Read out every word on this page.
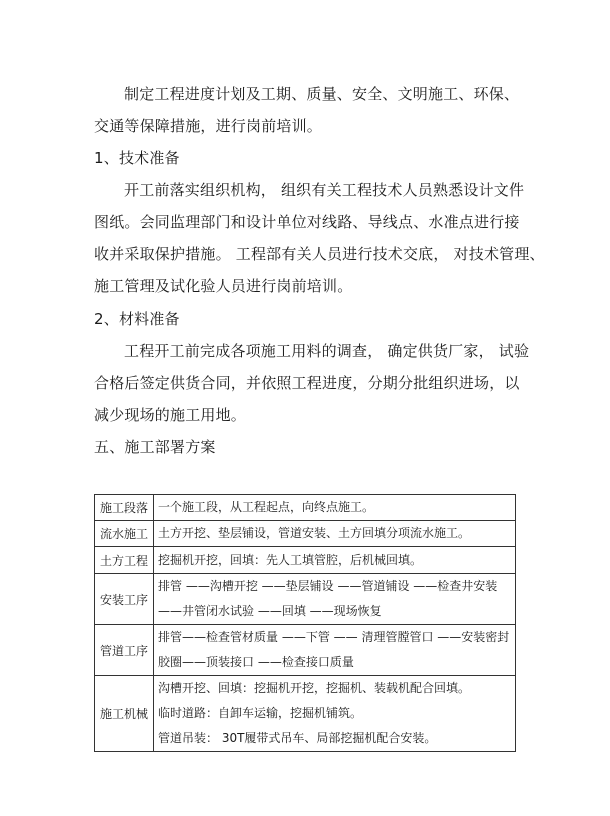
制定工程进度计划及工期、质量、安全、文明施工、环保、
交通等保障措施，进行岗前培训。
1、技术准备
开工前落实组织机构， 组织有关工程技术人员熟悉设计文件
图纸。会同监理部门和设计单位对线路、导线点、水准点进行接
收并采取保护措施。 工程部有关人员进行技术交底， 对技术管理、
施工管理及试化验人员进行岗前培训。
2、材料准备
工程开工前完成各项施工用料的调查， 确定供货厂家， 试验
合格后签定供货合同，并依照工程进度，分期分批组织进场，以
减少现场的施工用地。
五、施工部署方案
施工段落	一个施工段，从工程起点，向终点施工。

流水施工	土方开挖、垫层铺设，管道安装、土方回填分项流水施工。

土方工程	挖掘机开挖，回填：先人工填管腔，后机械回填。

安装工序	排管 ——沟槽开挖 ——垫层铺设 ——管道铺设 ——检查井安装
——井管闭水试验 ——回填 ——现场恢复

管道工序	排管——检查管材质量 ——下管 —— 清理管膛管口 ——安装密封
胶圈——顶装接口 ——检查接口质量

施工机械	沟槽开挖、回填：挖掘机开挖，挖掘机、装载机配合回填。
临时道路：自卸车运输，挖掘机铺筑。
管道吊装： 30T履带式吊车、局部挖掘机配合安装。
